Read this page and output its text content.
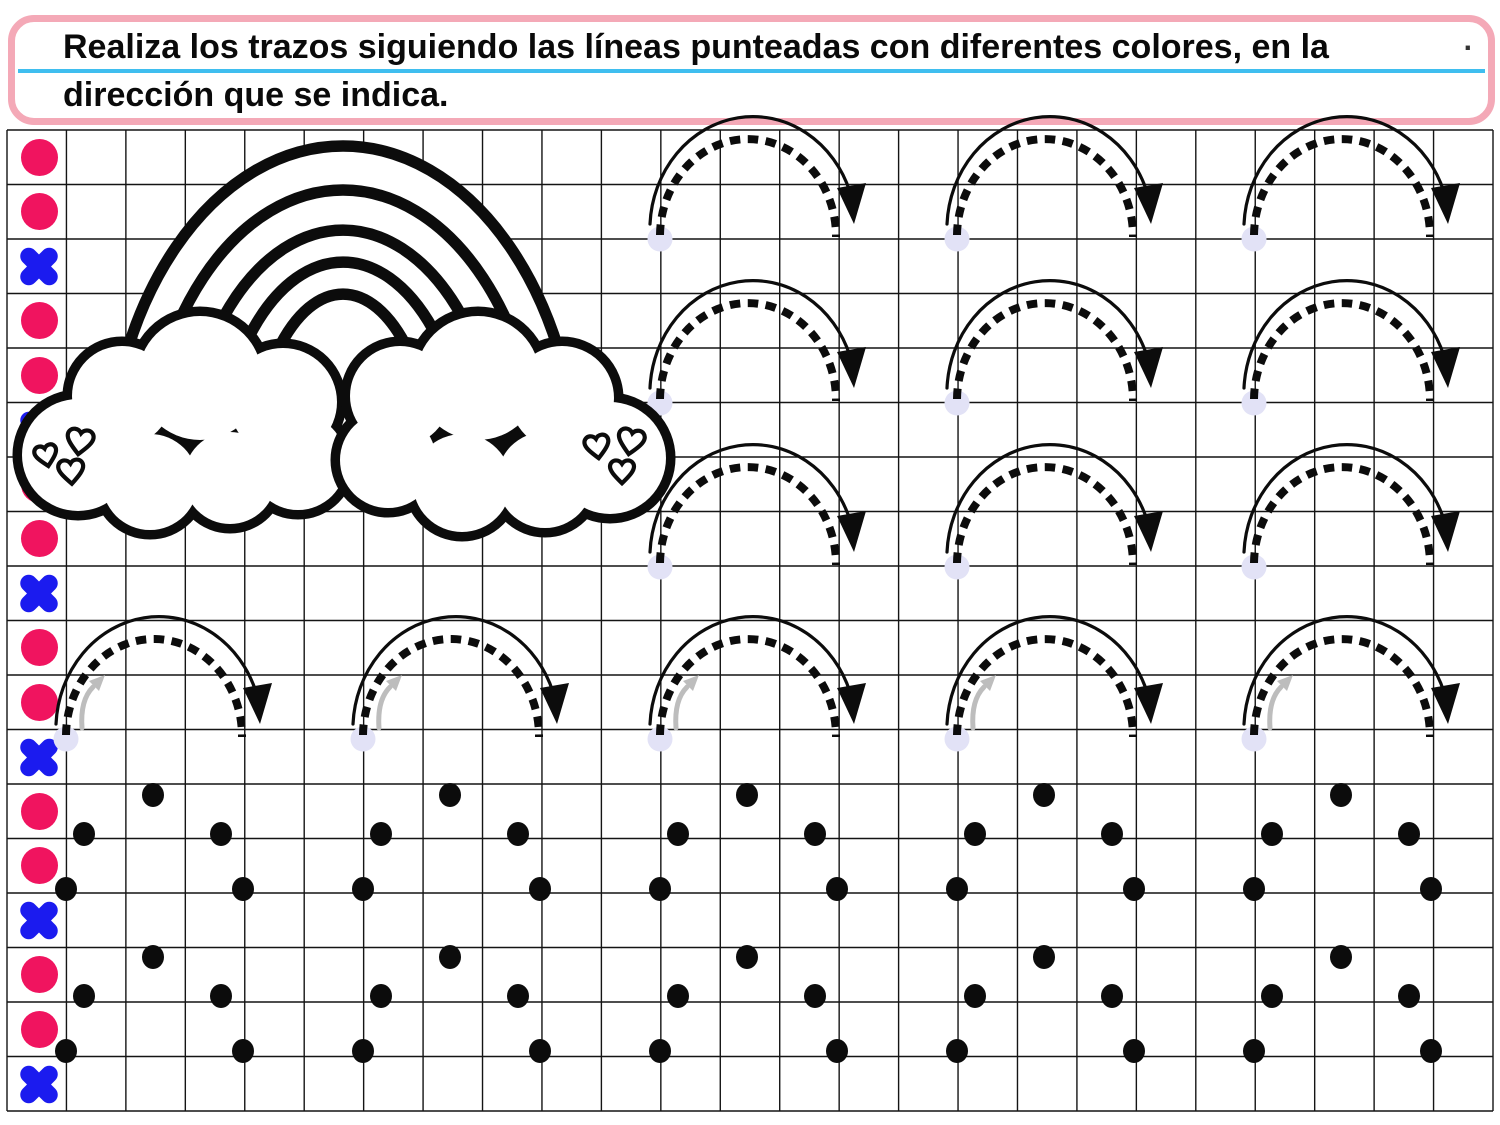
Realiza los trazos siguiendo las líneas punteadas con diferentes colores, en la
dirección que se indica.
.
